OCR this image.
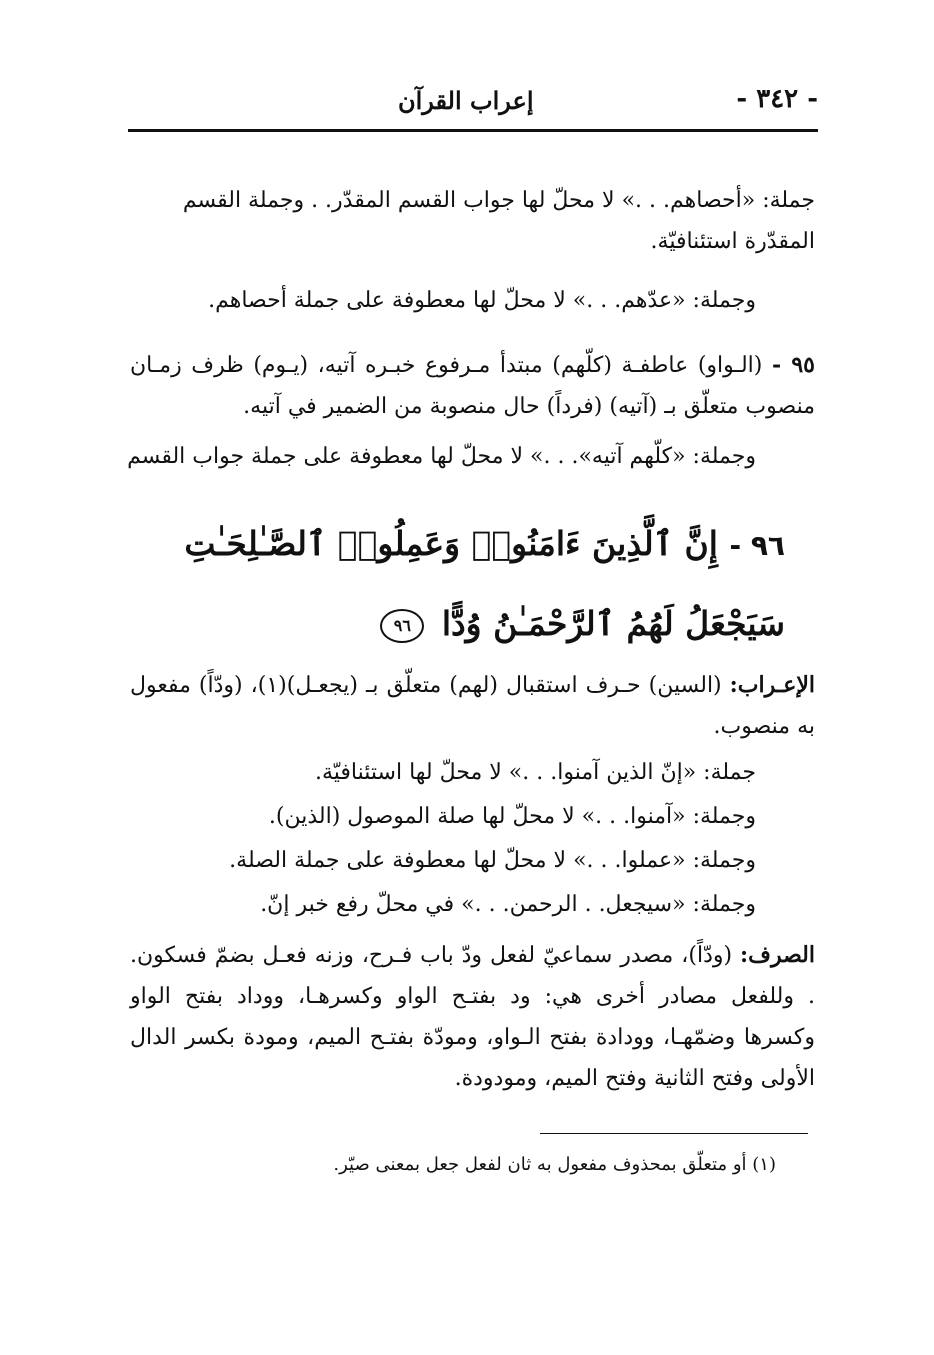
- ٣٤٢ -
إعراب القرآن
جملة: «أحصاهم. . .» لا محلّ لها جواب القسم المقدّر. . وجملة القسم
المقدّرة استئنافيّة.
وجملة: «عدّهم. . .» لا محلّ لها معطوفة على جملة أحصاهم.
٩٥ - (الـواو) عاطفـة (كلّهم) مبتدأ مـرفوع خبـره آتيه، (يـوم) ظرف زمـان منصوب متعلّق بـ (آتيه) (فرداً) حال منصوبة من الضمير في آتيه.
وجملة: «كلّهم آتيه». . .» لا محلّ لها معطوفة على جملة جواب القسم
٩٦ - إِنَّ ٱلَّذِينَ ءَامَنُوا۟ وَعَمِلُوا۟ ٱلصَّـٰلِحَـٰتِ سَيَجْعَلُ لَهُمُ ٱلرَّحْمَـٰنُ وُدًّا ٩٦
الإعـراب: (السين) حـرف استقبال (لهم) متعلّق بـ (يجعـل)(١)، (ودّاً) مفعول به منصوب.
جملة: «إنّ الذين آمنوا. . .» لا محلّ لها استئنافيّة.
وجملة: «آمنوا. . .» لا محلّ لها صلة الموصول (الذين).
وجملة: «عملوا. . .» لا محلّ لها معطوفة على جملة الصلة.
وجملة: «سيجعل. . الرحمن. . .» في محلّ رفع خبر إنّ.
الصرف: (ودّاً)، مصدر سماعيّ لفعل ودّ باب فـرح، وزنه فعـل بضمّ فسكون. . وللفعل مصادر أخرى هي: ود بفتـح الواو وكسرهـا، ووداد بفتح الواو وكسرها وضمّهـا، وودادة بفتح الـواو، ومودّة بفتـح الميم، ومودة بكسر الدال الأولى وفتح الثانية وفتح الميم، ومودودة.
(١) أو متعلّق بمحذوف مفعول به ثان لفعل جعل بمعنى صيّر.
